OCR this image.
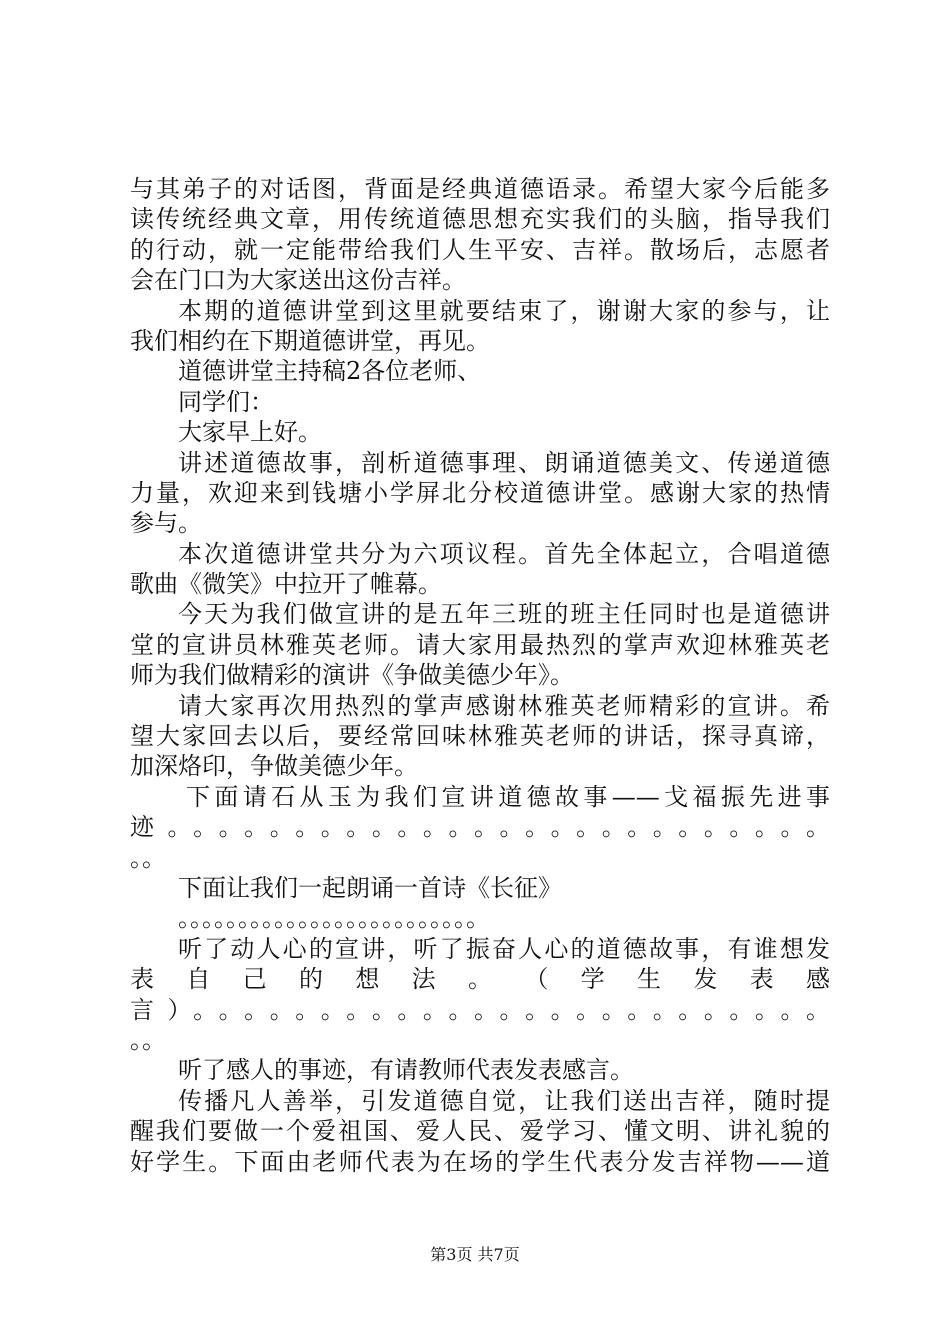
与其弟子的对话图，背面是经典道德语录。希望大家今后能多

读传统经典文章，用传统道德思想充实我们的头脑，指导我们

的行动，就一定能带给我们人生平安、吉祥。散场后，志愿者

会在门口为大家送出这份吉祥。

本期的道德讲堂到这里就要结束了，谢谢大家的参与，让

我们相约在下期道德讲堂，再见。

道德讲堂主持稿2各位老师、

同学们：

大家早上好。

讲述道德故事，剖析道德事理、朗诵道德美文、传递道德

力量，欢迎来到钱塘小学屏北分校道德讲堂。感谢大家的热情

参与。

本次道德讲堂共分为六项议程。首先全体起立，合唱道德

歌曲《微笑》中拉开了帷幕。

今天为我们做宣讲的是五年三班的班主任同时也是道德讲

堂的宣讲员林雅英老师。请大家用最热烈的掌声欢迎林雅英老

师为我们做精彩的演讲《争做美德少年》。

请大家再次用热烈的掌声感谢林雅英老师精彩的宣讲。希

望大家回去以后，要经常回味林雅英老师的讲话，探寻真谛，

加深烙印，争做美德少年。

下面请石从玉为我们宣讲道德故事——戈福振先进事

迹。。。。。。。。。。。。。。。。。。。。。。。。。。

。。

下面让我们一起朗诵一首诗《长征》

。。。。。。。。。。。。。。。。。。。。。。。。。

听了动人心的宣讲，听了振奋人心的道德故事，有谁想发

表 自 己 的 想 法 。 （ 学 生 发 表 感

言）。。。。。。。。。。。。。。。。。。。。。。。。。

。。

听了感人的事迹，有请教师代表发表感言。

传播凡人善举，引发道德自觉，让我们送出吉祥，随时提

醒我们要做一个爱祖国、爱人民、爱学习、懂文明、讲礼貌的

好学生。下面由老师代表为在场的学生代表分发吉祥物——道

第3页 共7页
